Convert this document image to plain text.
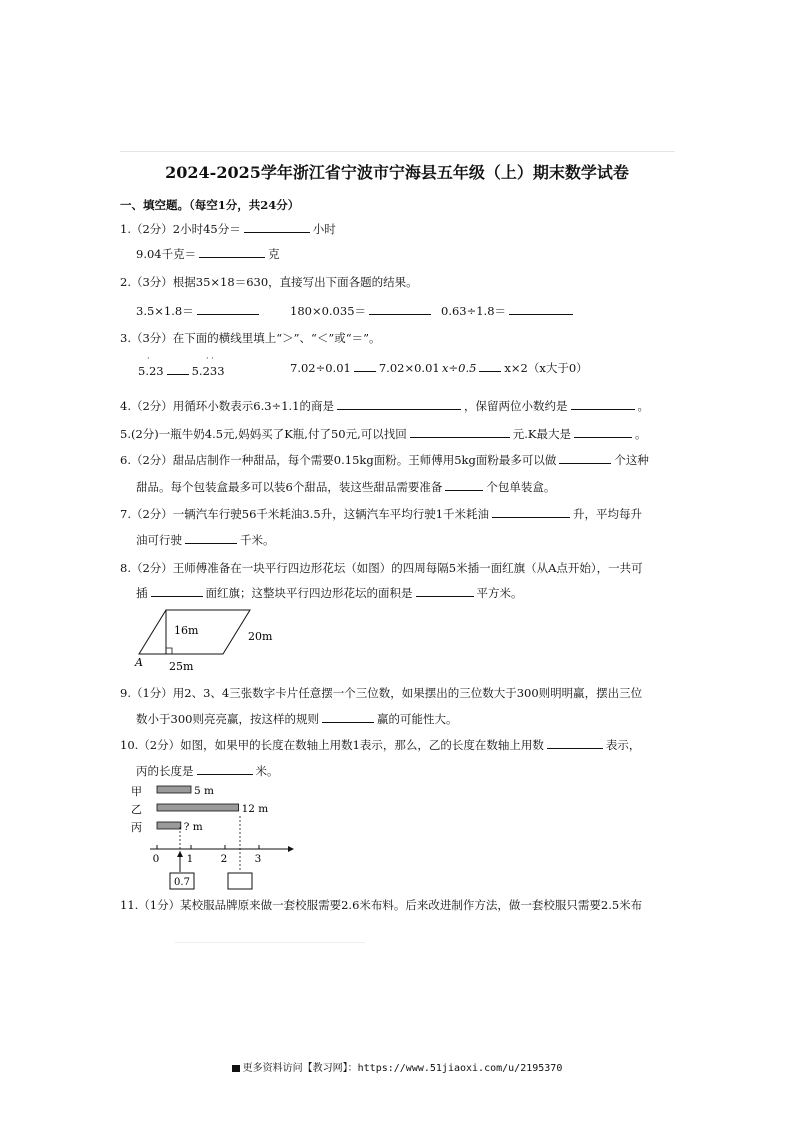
2024-2025学年浙江省宁波市宁海县五年级（上）期末数学试卷
一、填空题。（每空1分，共24分）
1.（2分）2小时45分＝	小时
9.04千克＝	克
2.（3分）根据35×18＝630，直接写出下面各题的结果。
3.5×1.8＝	180×0.035＝	0.63÷1.8＝
3.（3分）在下面的横线里填上“＞”、“＜”或“＝”。
5.23 5.233
·	· ·
7.02÷0.01 7.02×0.01 x÷0.5 x×2（x大于0）
4.（2分）用循环小数表示6.3÷1.1的商是	，保留两位小数约是	。
5.(2分)一瓶牛奶4.5元,妈妈买了K瓶,付了50元,可以找回	元.K最大是	。
6.（2分）甜品店制作一种甜品，每个需要0.15kg面粉。王师傅用5kg面粉最多可以做	个这种
甜品。每个包装盒最多可以装6个甜品，装这些甜品需要准备	个包单装盒。
7.（2分）一辆汽车行驶56千米耗油3.5升，这辆汽车平均行驶1千米耗油	升，平均每升
油可行驶	千米。
8.（2分）王师傅准备在一块平行四边形花坛（如图）的四周每隔5米插一面红旗（从A点开始），一共可
插	面红旗；这整块平行四边形花坛的面积是	平方米。
16m	20m
25m
A
9.（1分）用2、3、4三张数字卡片任意摆一个三位数，如果摆出的三位数大于300则明明赢，摆出三位
数小于300则亮亮赢，按这样的规则	赢的可能性大。
10.（2分）如图，如果甲的长度在数轴上用数1表示，那么，乙的长度在数轴上用数	表示，
丙的长度是	米。
甲	5 m
乙	12 m
丙	? m
0	1	2	3
0.7
11.（1分）某校服品牌原来做一套校服需要2.6米布料。后来改进制作方法，做一套校服只需要2.5米布
更多资料访问【教习网】：https://www.51jiaoxi.com/u/2195370
